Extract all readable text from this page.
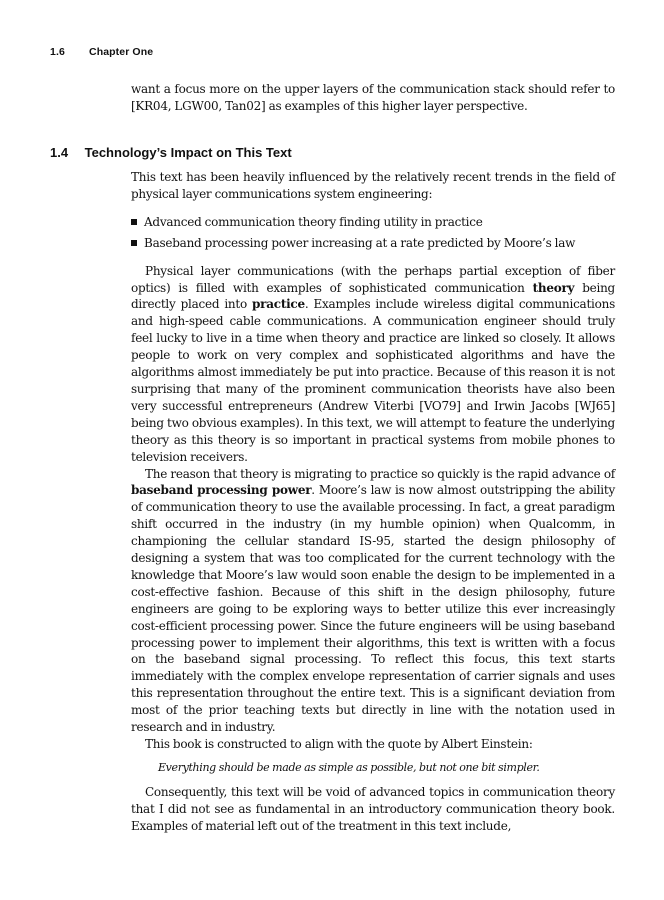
1.6 Chapter One

want a focus more on the upper layers of the communication stack should refer to [KR04, LGW00, Tan02] as examples of this higher layer perspective.

1.4 Technology’s Impact on This Text

This text has been heavily influenced by the relatively recent trends in the field of physical layer communications system engineering:

Advanced communication theory finding utility in practice
Baseband processing power increasing at a rate predicted by Moore’s law

Physical layer communications (with the perhaps partial exception of fiber optics) is filled with examples of sophisticated communication theory being directly placed into practice. Examples include wireless digital communications and high-speed cable communications. A communication engineer should truly feel lucky to live in a time when theory and practice are linked so closely. It allows people to work on very complex and sophisticated algorithms and have the algorithms almost immediately be put into practice. Because of this reason it is not surprising that many of the prominent communication theorists have also been very successful entrepreneurs (Andrew Viterbi [VO79] and Irwin Jacobs [WJ65] being two obvious examples). In this text, we will attempt to feature the underlying theory as this theory is so important in practical systems from mobile phones to television receivers.

The reason that theory is migrating to practice so quickly is the rapid advance of baseband processing power. Moore’s law is now almost outstripping the ability of communication theory to use the available processing. In fact, a great paradigm shift occurred in the industry (in my humble opinion) when Qualcomm, in championing the cellular standard IS-95, started the design philosophy of designing a system that was too complicated for the current technology with the knowledge that Moore’s law would soon enable the design to be implemented in a cost-effective fashion. Because of this shift in the design philosophy, future engineers are going to be exploring ways to better utilize this ever increasingly cost-efficient processing power. Since the future engineers will be using baseband processing power to implement their algorithms, this text is written with a focus on the baseband signal processing. To reflect this focus, this text starts immediately with the complex envelope representation of carrier signals and uses this representation throughout the entire text. This is a significant deviation from most of the prior teaching texts but directly in line with the notation used in research and in industry.

This book is constructed to align with the quote by Albert Einstein:

Everything should be made as simple as possible, but not one bit simpler.

Consequently, this text will be void of advanced topics in communication theory that I did not see as fundamental in an introductory communication theory book. Examples of material left out of the treatment in this text include,
